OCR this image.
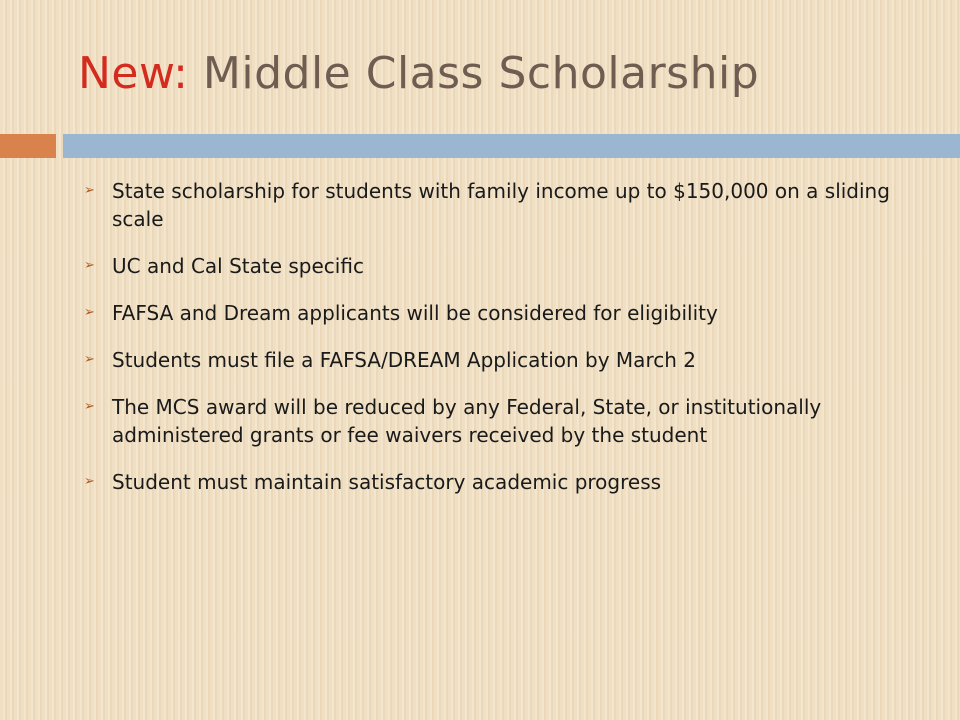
New: Middle Class Scholarship
➢ State scholarship for students with family income up to $150,000 on a sliding scale
➢ UC and Cal State specific
➢ FAFSA and Dream applicants will be considered for eligibility
➢ Students must file a FAFSA/DREAM Application by March 2
➢ The MCS award will be reduced by any Federal, State, or institutionally administered grants or fee waivers received by the student
➢ Student must maintain satisfactory academic progress
